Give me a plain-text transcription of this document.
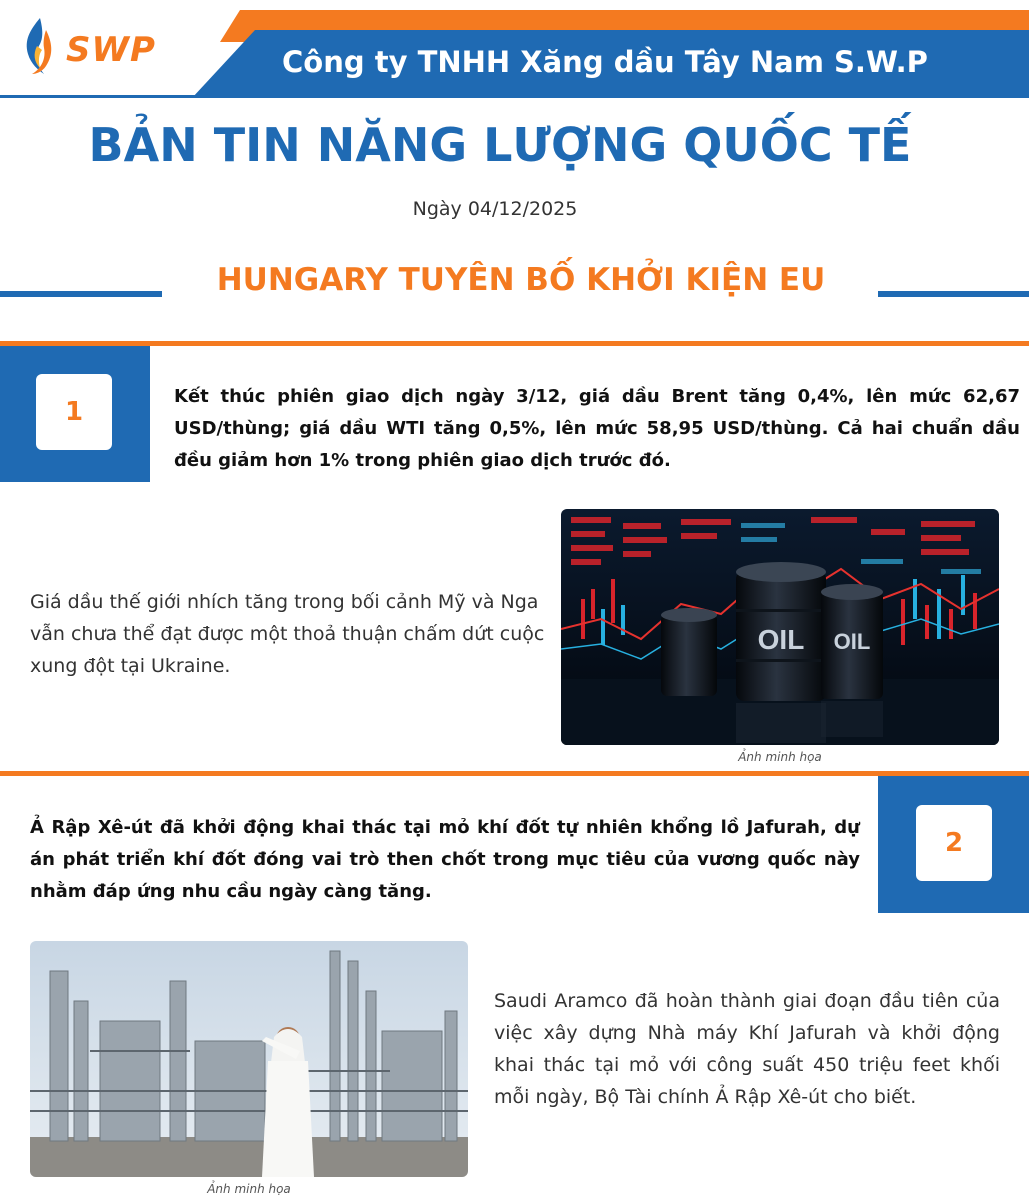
SWP	Công ty TNHH Xăng dầu Tây Nam S.W.P
BẢN TIN NĂNG LƯỢNG QUỐC TẾ
Ngày 04/12/2025
HUNGARY TUYÊN BỐ KHỞI KIỆN EU
1
Kết thúc phiên giao dịch ngày 3/12, giá dầu Brent tăng 0,4%, lên mức 62,67 USD/thùng; giá dầu WTI tăng 0,5%, lên mức 58,95 USD/thùng. Cả hai chuẩn dầu đều giảm hơn 1% trong phiên giao dịch trước đó.
Giá dầu thế giới nhích tăng trong bối cảnh Mỹ và Nga vẫn chưa thể đạt được một thoả thuận chấm dứt cuộc xung đột tại Ukraine.
OIL OIL
Ảnh minh họa
2
Ả Rập Xê-út đã khởi động khai thác tại mỏ khí đốt tự nhiên khổng lồ Jafurah, dự án phát triển khí đốt đóng vai trò then chốt trong mục tiêu của vương quốc này nhằm đáp ứng nhu cầu ngày càng tăng.
Ảnh minh họa
Saudi Aramco đã hoàn thành giai đoạn đầu tiên của việc xây dựng Nhà máy Khí Jafurah và khởi động khai thác tại mỏ với công suất 450 triệu feet khối mỗi ngày, Bộ Tài chính Ả Rập Xê-út cho biết.
